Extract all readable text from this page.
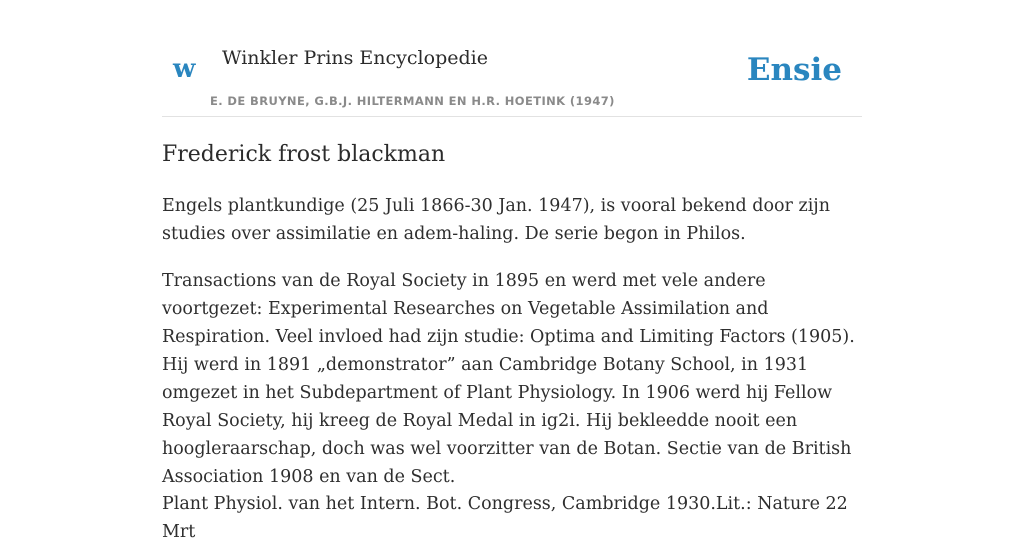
w Winkler Prins Encyclopedie
E. DE BRUYNE, G.B.J. HILTERMANN EN H.R. HOETINK (1947)
Ensie
Frederick frost blackman

Engels plantkundige (25 Juli 1866-30 Jan. 1947), is vooral bekend door zijn studies over assimilatie en adem-haling. De serie begon in Philos.

Transactions van de Royal Society in 1895 en werd met vele andere voortgezet: Experimental Researches on Vegetable Assimilation and Respiration. Veel invloed had zijn studie: Optima and Limiting Factors (1905). Hij werd in 1891 „demonstrator” aan Cambridge Botany School, in 1931 omgezet in het Subdepartment of Plant Physiology. In 1906 werd hij Fellow Royal Society, hij kreeg de Royal Medal in ig2i. Hij bekleedde nooit een hoogleraarschap, doch was wel voorzitter van de Botan. Sectie van de British Association 1908 en van de Sect.

Plant Physiol. van het Intern. Bot. Congress, Cambridge 1930.Lit.: Nature 22 Mrt
